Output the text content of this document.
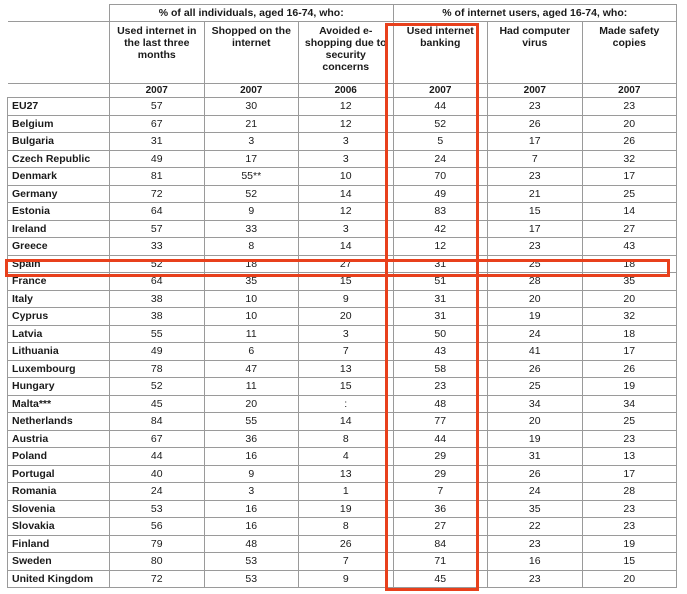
	% of all individuals, aged 16-74, who:			% of internet users, aged 16-74, who:		
	Used internet in the last three months	Shopped on the internet	Avoided e-shopping due to security concerns	Used internet banking	Had computer virus	Made safety copies
	2007	2007	2006	2007	2007	2007
EU27	57	30	12	44	23	23
Belgium	67	21	12	52	26	20
Bulgaria	31	3	3	5	17	26
Czech Republic	49	17	3	24	7	32
Denmark	81	55**	10	70	23	17
Germany	72	52	14	49	21	25
Estonia	64	9	12	83	15	14
Ireland	57	33	3	42	17	27
Greece	33	8	14	12	23	43
Spain	52	18	27	31	25	18
France	64	35	15	51	28	35
Italy	38	10	9	31	20	20
Cyprus	38	10	20	31	19	32
Latvia	55	11	3	50	24	18
Lithuania	49	6	7	43	41	17
Luxembourg	78	47	13	58	26	26
Hungary	52	11	15	23	25	19
Malta***	45	20	:	48	34	34
Netherlands	84	55	14	77	20	25
Austria	67	36	8	44	19	23
Poland	44	16	4	29	31	13
Portugal	40	9	13	29	26	17
Romania	24	3	1	7	24	28
Slovenia	53	16	19	36	35	23
Slovakia	56	16	8	27	22	23
Finland	79	48	26	84	23	19
Sweden	80	53	7	71	16	15
United Kingdom	72	53	9	45	23	20
